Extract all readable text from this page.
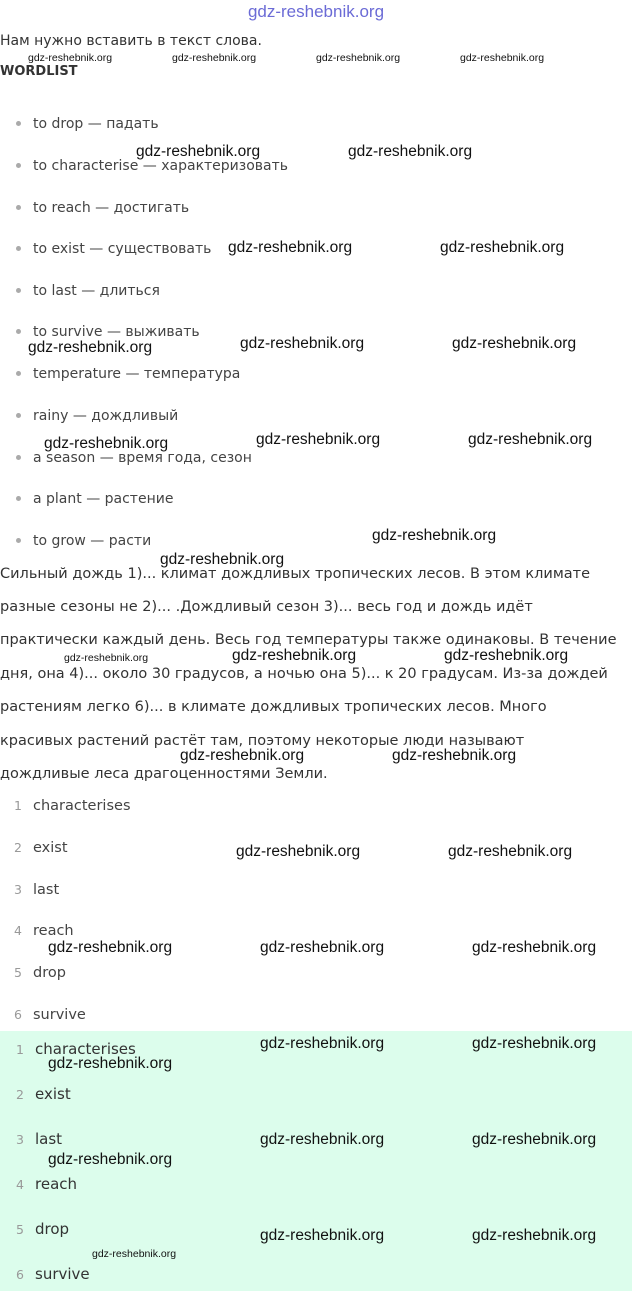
gdz-reshebnik.org
Нам нужно вставить в текст слова.
WORDLIST
to drop — падать
to characterise — характеризовать
to reach — достигать
to exist — существовать
to last — длиться
to survive — выживать
temperature — температура
rainy — дождливый
a season — время года, сезон
a plant — растение
to grow — расти
Сильный дождь 1)... климат дождливых тропических лесов. В этом климате
разные сезоны не 2)... .Дождливый сезон 3)... весь год и дождь идёт
практически каждый день. Весь год температуры также одинаковы. В течение
дня, она 4)... около 30 градусов, а ночью она 5)... к 20 градусам. Из-за дождей
растениям легко 6)... в климате дождливых тропических лесов. Много
красивых растений растёт там, поэтому некоторые люди называют
дождливые леса драгоценностями Земли.
1 characterises
2 exist
3 last
4 reach
5 drop
6 survive
1 characterises
2 exist
3 last
4 reach
5 drop
6 survive
gdz-reshebnik.org	gdz-reshebnik.org	gdz-reshebnik.org	gdz-reshebnik.org
gdz-reshebnik.org	gdz-reshebnik.org
gdz-reshebnik.org	gdz-reshebnik.org
gdz-reshebnik.org	gdz-reshebnik.org	gdz-reshebnik.org
gdz-reshebnik.org	gdz-reshebnik.org	gdz-reshebnik.org
gdz-reshebnik.org
gdz-reshebnik.org
gdz-reshebnik.org	gdz-reshebnik.org	gdz-reshebnik.org
gdz-reshebnik.org	gdz-reshebnik.org
gdz-reshebnik.org	gdz-reshebnik.org
gdz-reshebnik.org	gdz-reshebnik.org	gdz-reshebnik.org
gdz-reshebnik.org	gdz-reshebnik.org
gdz-reshebnik.org
gdz-reshebnik.org	gdz-reshebnik.org
gdz-reshebnik.org
gdz-reshebnik.org	gdz-reshebnik.org
gdz-reshebnik.org
